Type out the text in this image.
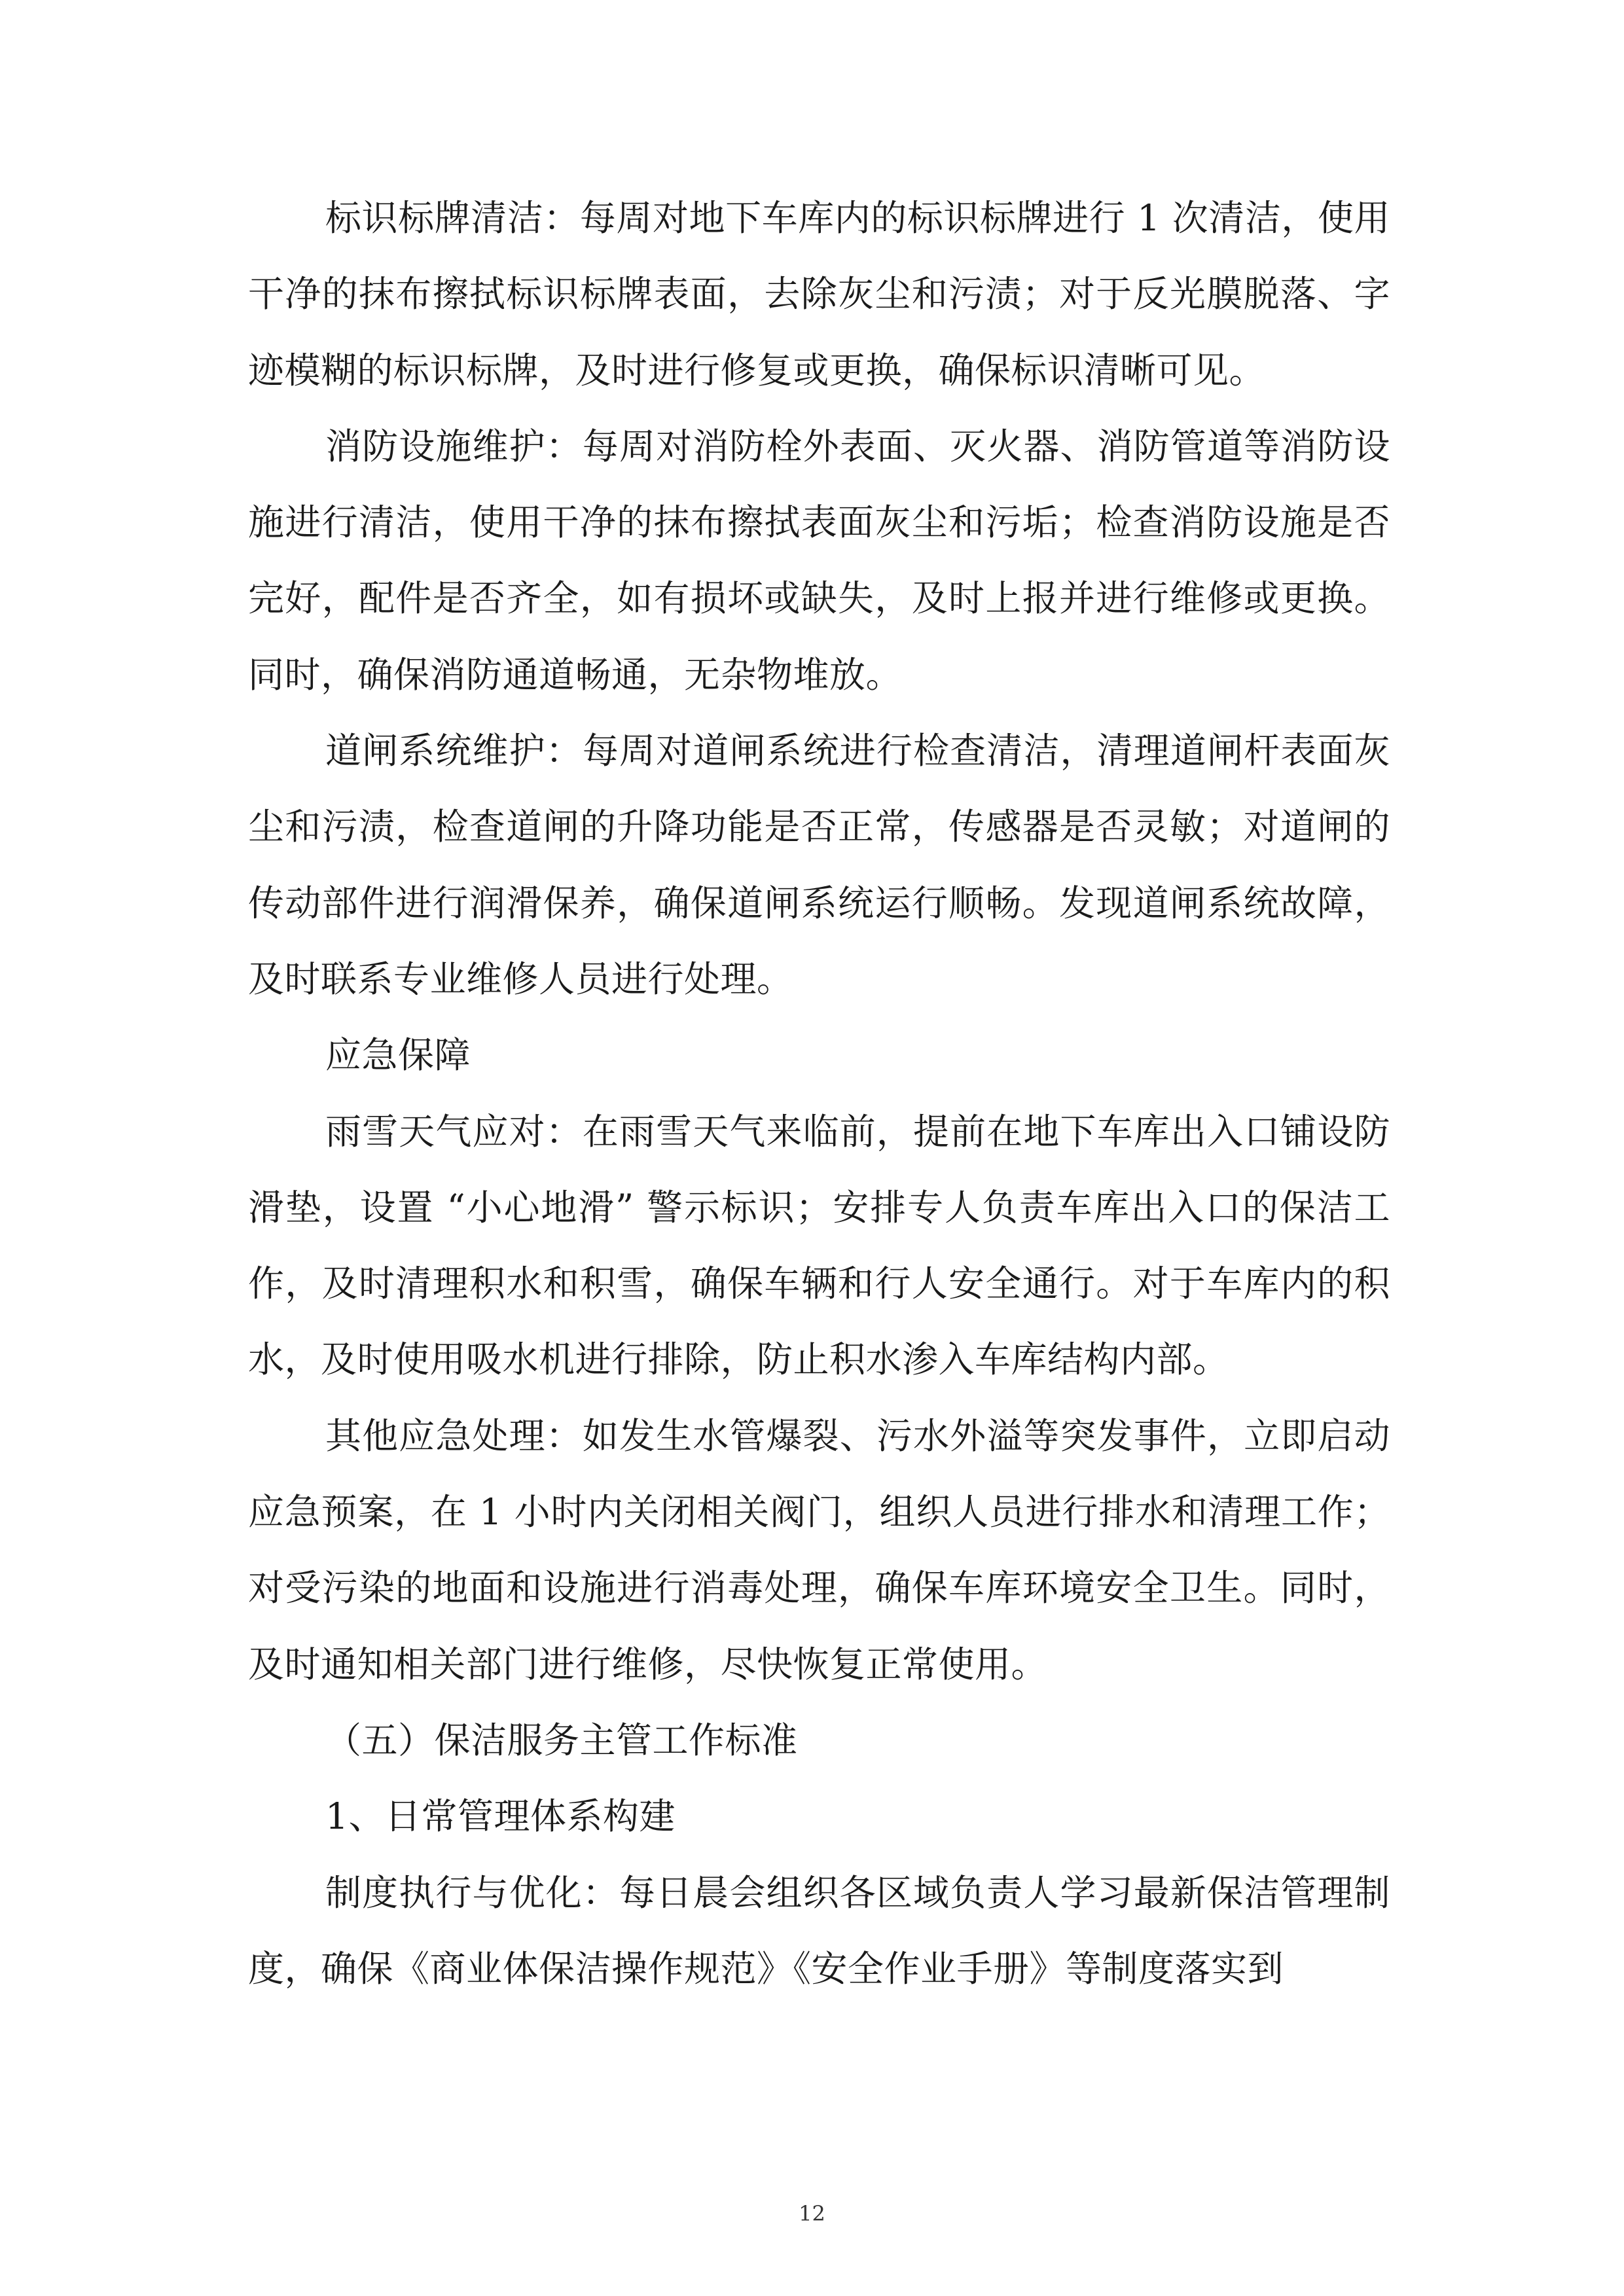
标识标牌清洁：每周对地下车库内的标识标牌进行 1 次清洁，使用干净的抹布擦拭标识标牌表面，去除灰尘和污渍；对于反光膜脱落、字迹模糊的标识标牌，及时进行修复或更换，确保标识清晰可见。

消防设施维护：每周对消防栓外表面、灭火器、消防管道等消防设施进行清洁，使用干净的抹布擦拭表面灰尘和污垢；检查消防设施是否完好，配件是否齐全，如有损坏或缺失，及时上报并进行维修或更换。同时，确保消防通道畅通，无杂物堆放。

道闸系统维护：每周对道闸系统进行检查清洁，清理道闸杆表面灰尘和污渍，检查道闸的升降功能是否正常，传感器是否灵敏；对道闸的传动部件进行润滑保养，确保道闸系统运行顺畅。发现道闸系统故障，及时联系专业维修人员进行处理。

应急保障

雨雪天气应对：在雨雪天气来临前，提前在地下车库出入口铺设防滑垫，设置 “小心地滑” 警示标识；安排专人负责车库出入口的保洁工作，及时清理积水和积雪，确保车辆和行人安全通行。对于车库内的积水，及时使用吸水机进行排除，防止积水渗入车库结构内部。

其他应急处理：如发生水管爆裂、污水外溢等突发事件，立即启动应急预案，在 1 小时内关闭相关阀门，组织人员进行排水和清理工作；对受污染的地面和设施进行消毒处理，确保车库环境安全卫生。同时，及时通知相关部门进行维修，尽快恢复正常使用。

（五）保洁服务主管工作标准

1、日常管理体系构建

制度执行与优化：每日晨会组织各区域负责人学习最新保洁管理制度，确保《商业体保洁操作规范》《安全作业手册》等制度落实到

12
